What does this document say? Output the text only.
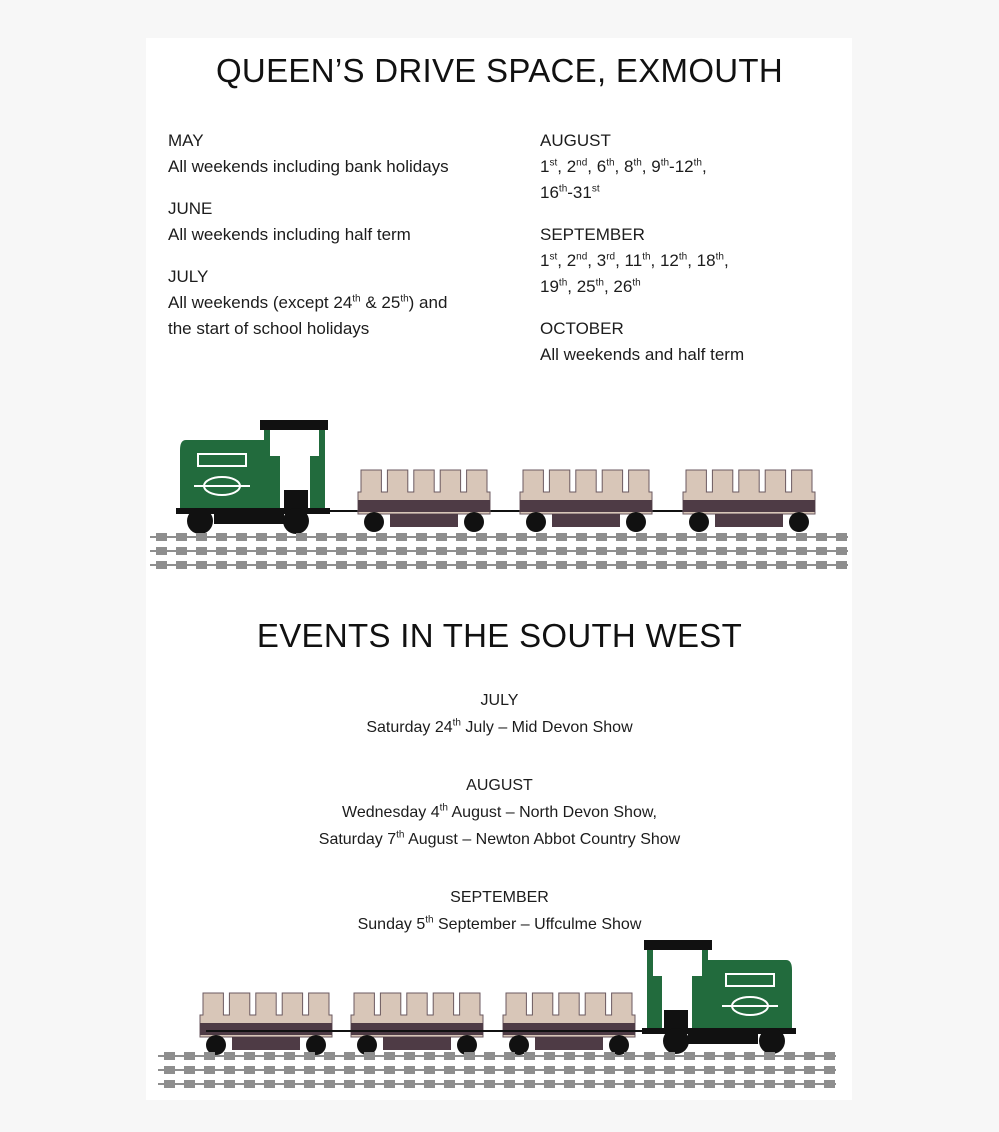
QUEEN’S DRIVE SPACE, EXMOUTH
MAY
All weekends including bank holidays
JUNE
All weekends including half term
JULY
All weekends (except 24th & 25th) and
the start of school holidays
AUGUST
1st, 2nd, 6th, 8th, 9th-12th,
16th-31st
SEPTEMBER
1st, 2nd, 3rd, 11th, 12th, 18th,
19th, 25th, 26th
OCTOBER
All weekends and half term
EVENTS IN THE SOUTH WEST
JULY
Saturday 24th July – Mid Devon Show
AUGUST
Wednesday 4th August – North Devon Show,
Saturday 7th August – Newton Abbot Country Show
SEPTEMBER
Sunday 5th September – Uffculme Show
